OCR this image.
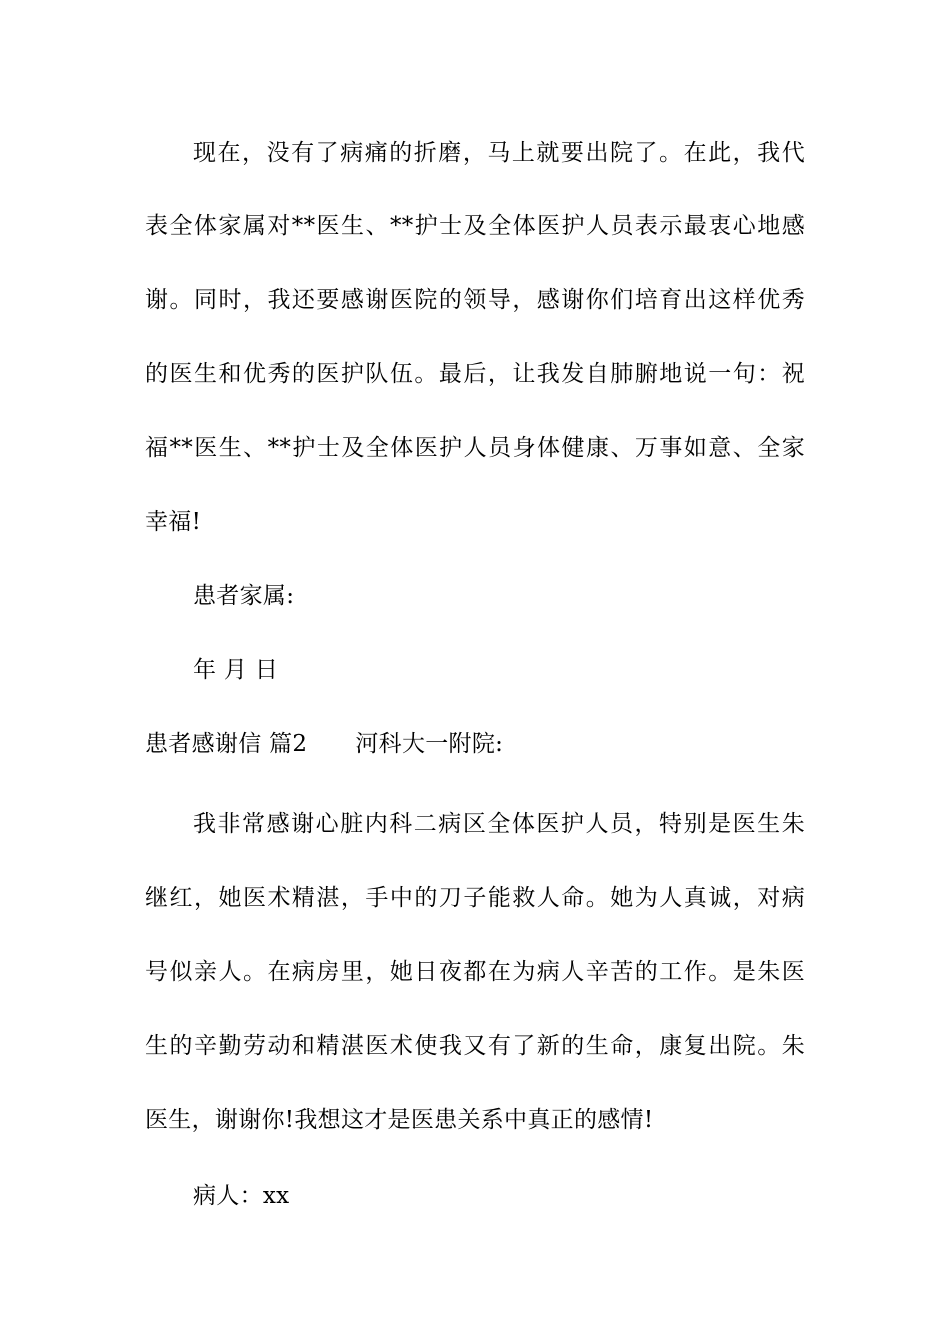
现在，没有了病痛的折磨，马上就要出院了。在此，我代
表全体家属对**医生、**护士及全体医护人员表示最衷心地感
谢。同时，我还要感谢医院的领导，感谢你们培育出这样优秀
的医生和优秀的医护队伍。最后，让我发自肺腑地说一句：祝
福**医生、**护士及全体医护人员身体健康、万事如意、全家
幸福!
患者家属:
年 月 日
患者感谢信 篇2 河科大一附院:
我非常感谢心脏内科二病区全体医护人员，特别是医生朱
继红，她医术精湛，手中的刀子能救人命。她为人真诚，对病
号似亲人。在病房里，她日夜都在为病人辛苦的工作。是朱医
生的辛勤劳动和精湛医术使我又有了新的生命，康复出院。朱
医生，谢谢你!我想这才是医患关系中真正的感情!
病人：xx
